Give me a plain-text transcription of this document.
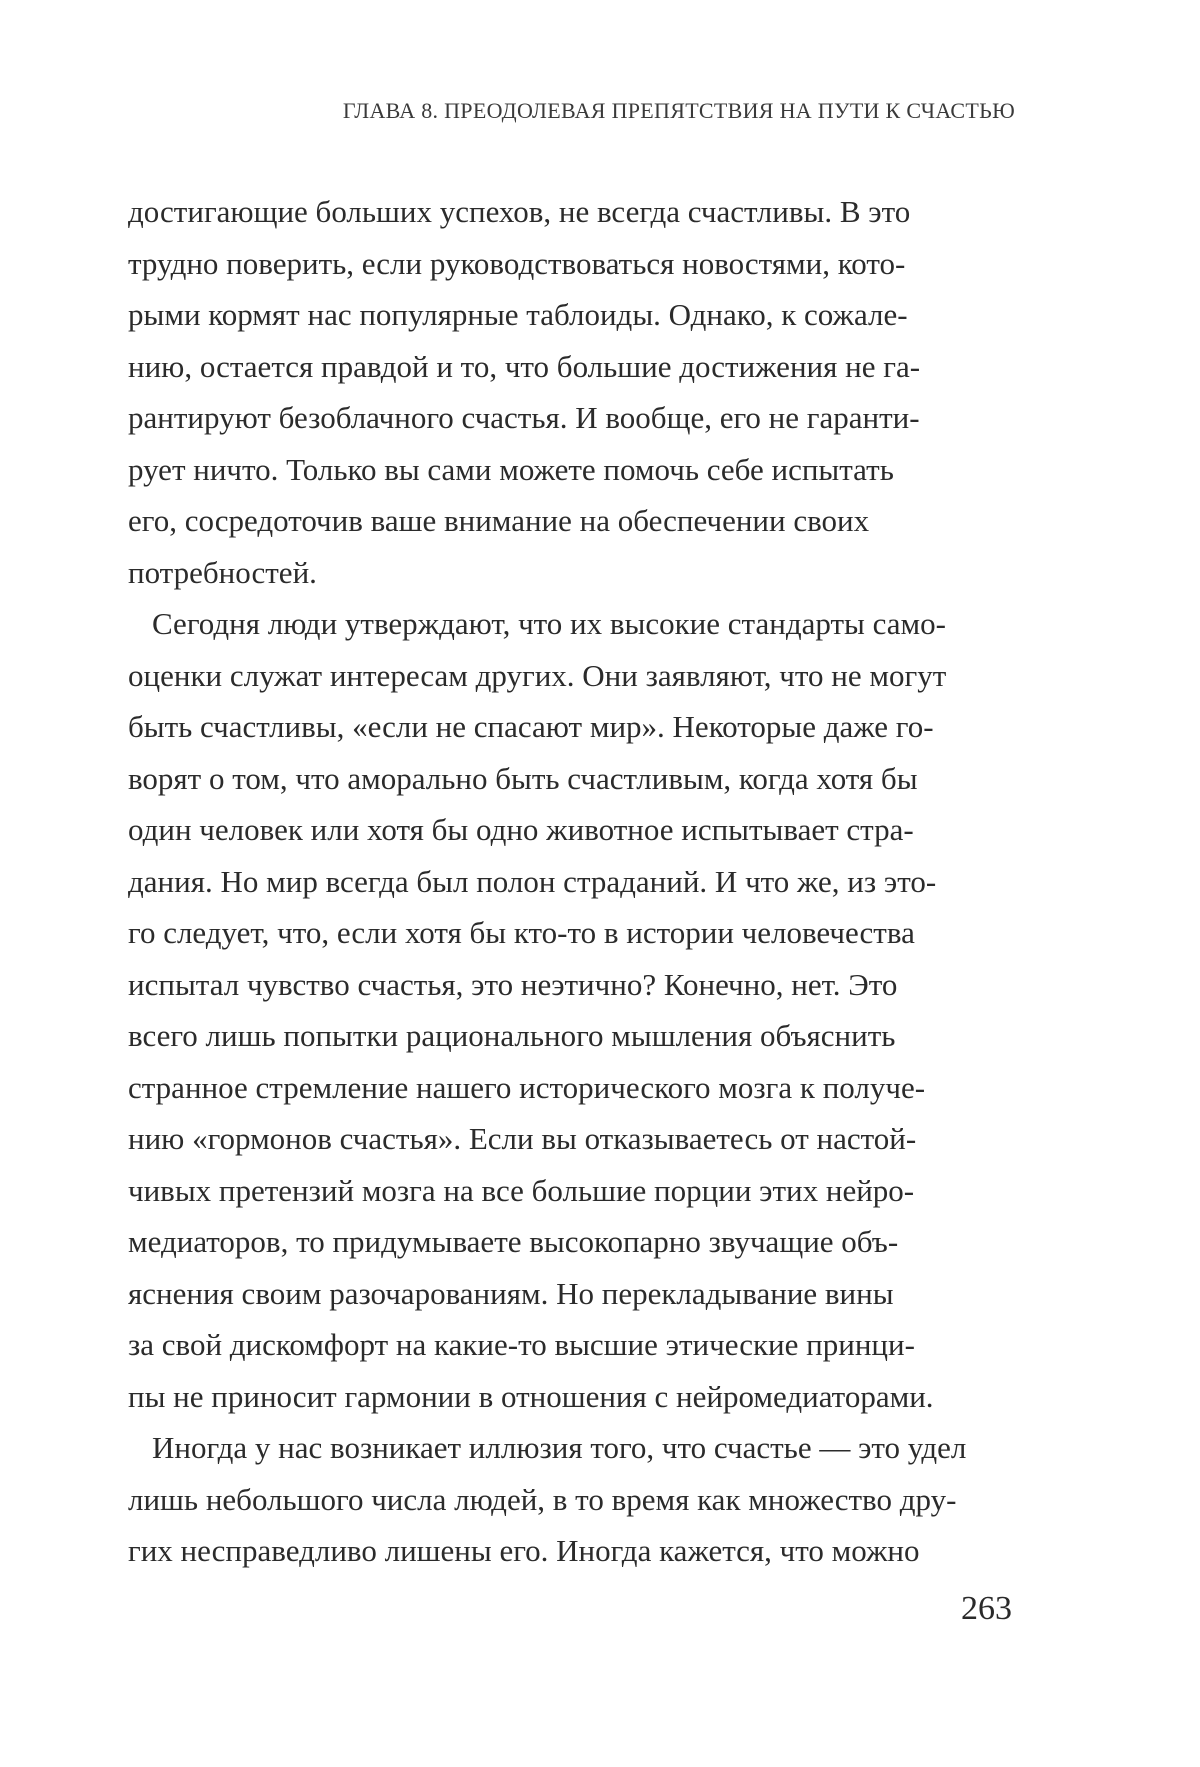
ГЛАВА 8. ПРЕОДОЛЕВАЯ ПРЕПЯТСТВИЯ НА ПУТИ К СЧАСТЬЮ
достигающие больших успехов, не всегда счастливы. В это
трудно поверить, если руководствоваться новостями, кото-
рыми кормят нас популярные таблоиды. Однако, к сожале-
нию, остается правдой и то, что большие достижения не га-
рантируют безоблачного счастья. И вообще, его не гаранти-
рует ничто. Только вы сами можете помочь себе испытать
его, сосредоточив ваше внимание на обеспечении своих
потребностей.
Сегодня люди утверждают, что их высокие стандарты само-
оценки служат интересам других. Они заявляют, что не могут
быть счастливы, «если не спасают мир». Некоторые даже го-
ворят о том, что аморально быть счастливым, когда хотя бы
один человек или хотя бы одно животное испытывает стра-
дания. Но мир всегда был полон страданий. И что же, из это-
го следует, что, если хотя бы кто-то в истории человечества
испытал чувство счастья, это неэтично? Конечно, нет. Это
всего лишь попытки рационального мышления объяснить
странное стремление нашего исторического мозга к получе-
нию «гормонов счастья». Если вы отказываетесь от настой-
чивых претензий мозга на все большие порции этих нейро-
медиаторов, то придумываете высокопарно звучащие объ-
яснения своим разочарованиям. Но перекладывание вины
за свой дискомфорт на какие-то высшие этические принци-
пы не приносит гармонии в отношения с нейромедиаторами.
Иногда у нас возникает иллюзия того, что счастье — это удел
лишь небольшого числа людей, в то время как множество дру-
гих несправедливо лишены его. Иногда кажется, что можно
263
